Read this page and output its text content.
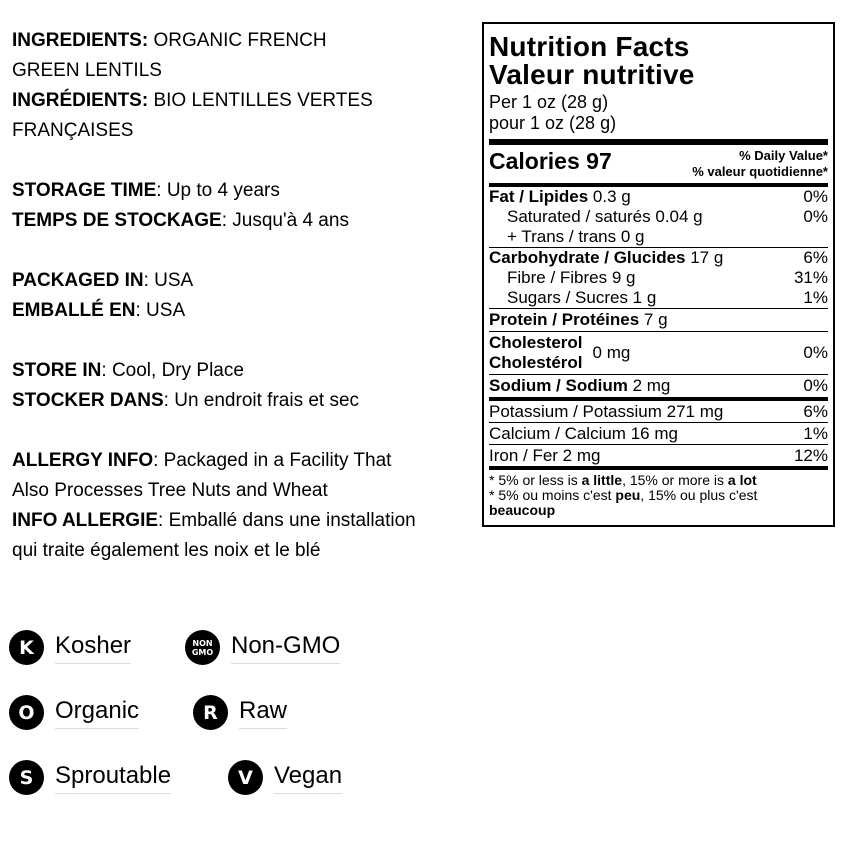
INGREDIENTS: ORGANIC FRENCH
GREEN LENTILS
INGRÉDIENTS: BIO LENTILLES VERTES
FRANÇAISES
STORAGE TIME: Up to 4 years
TEMPS DE STOCKAGE: Jusqu'à 4 ans
PACKAGED IN: USA
EMBALLÉ EN: USA
STORE IN: Cool, Dry Place
STOCKER DANS: Un endroit frais et sec
ALLERGY INFO: Packaged in a Facility That
Also Processes Tree Nuts and Wheat
INFO ALLERGIE: Emballé dans une installation
qui traite également les noix et le blé
Nutrition Facts
Valeur nutritive
Per 1 oz (28 g)
pour 1 oz (28 g)
Calories 97	% Daily Value*
% valeur quotidienne*
Fat / Lipides 0.3 g	0%
Saturated / saturés 0.04 g	0%
+ Trans / trans 0 g
Carbohydrate / Glucides 17 g	6%
Fibre / Fibres 9 g	31%
Sugars / Sucres 1 g	1%
Protein / Protéines 7 g
Cholesterol
Cholestérol
0 mg	0%
Sodium / Sodium 2 mg	0%
Potassium / Potassium 271 mg	6%
Calcium / Calcium 16 mg	1%
Iron / Fer 2 mg	12%
* 5% or less is a little, 15% or more is a lot
* 5% ou moins c'est peu, 15% ou plus c'est
beaucoup
K Kosher	NON
GMO Non-GMO
O Organic	R Raw
S Sproutable	V Vegan
